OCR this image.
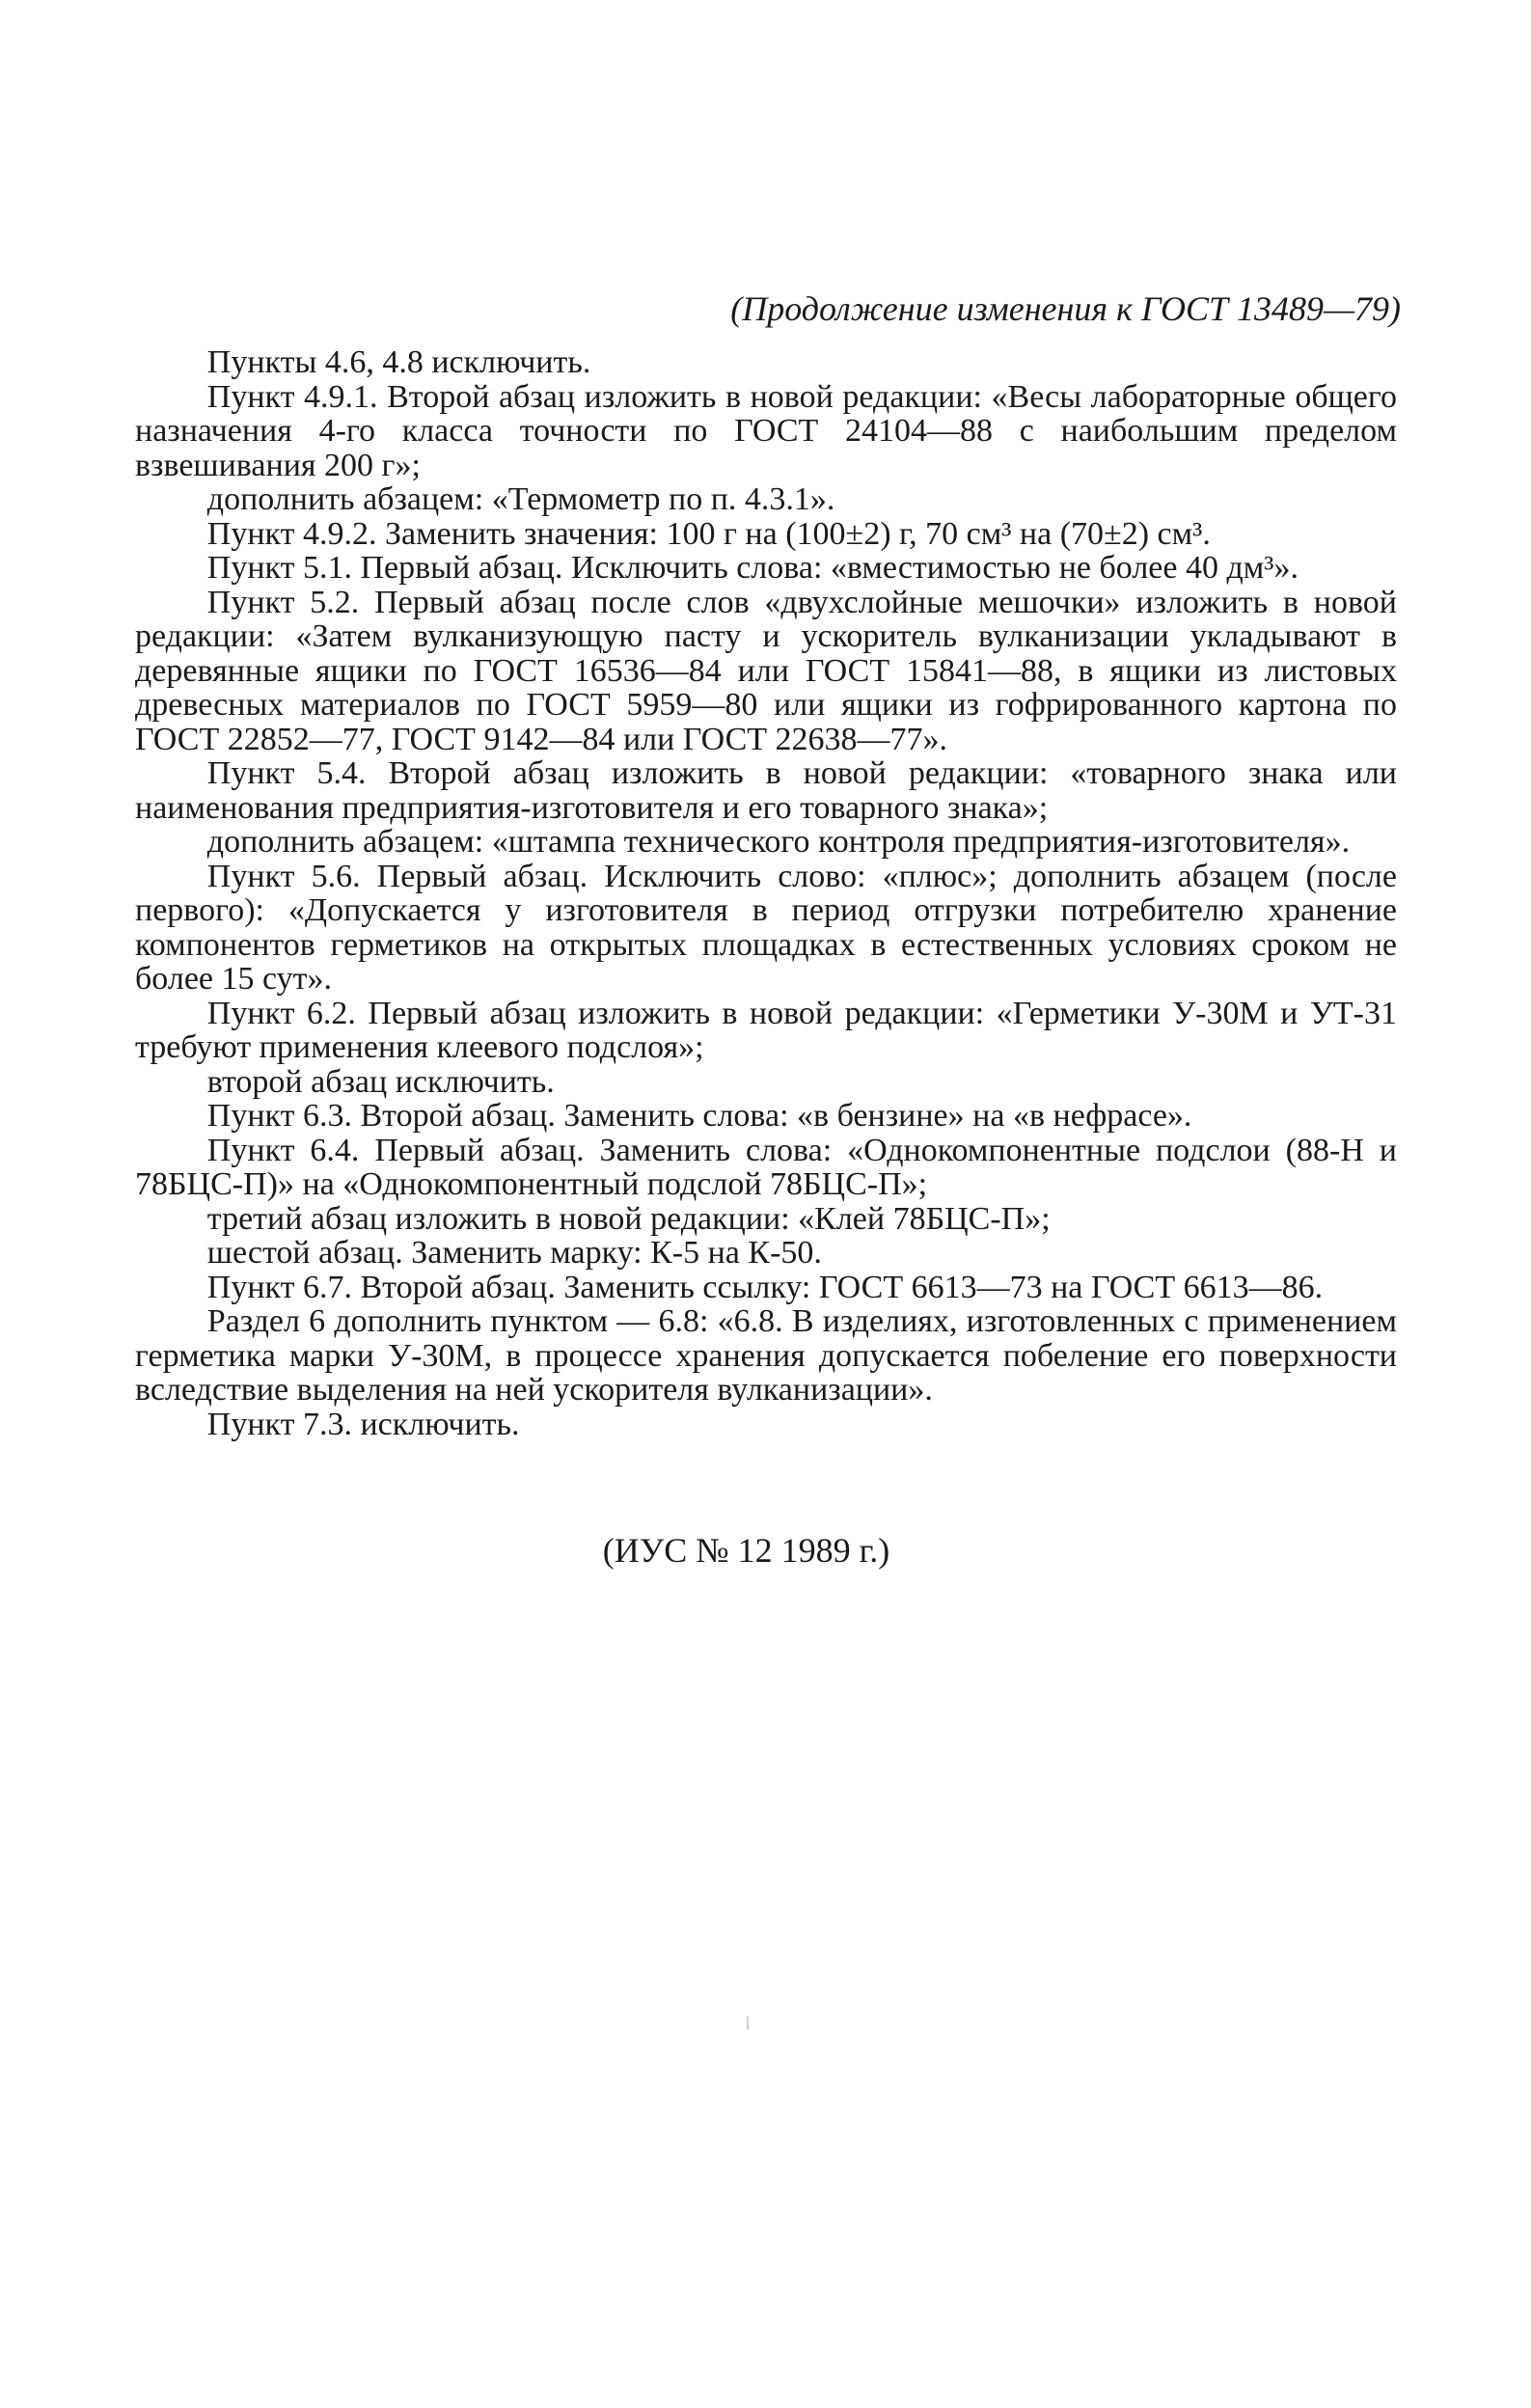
(Продолжение изменения к ГОСТ 13489—79)

Пункты 4.6, 4.8 исключить.

Пункт 4.9.1. Второй абзац изложить в новой редакции: «Весы лабораторные общего назначения 4-го класса точности по ГОСТ 24104—88 с наибольшим пределом взвешивания 200 г»;

дополнить абзацем: «Термометр по п. 4.3.1».

Пункт 4.9.2. Заменить значения: 100 г на (100±2) г, 70 см³ на (70±2) см³.

Пункт 5.1. Первый абзац. Исключить слова: «вместимостью не более 40 дм³».

Пункт 5.2. Первый абзац после слов «двухслойные мешочки» изложить в новой редакции: «Затем вулканизующую пасту и ускоритель вулканизации укладывают в деревянные ящики по ГОСТ 16536—84 или ГОСТ 15841—88, в ящики из листовых древесных материалов по ГОСТ 5959—80 или ящики из гофрированного картона по ГОСТ 22852—77, ГОСТ 9142—84 или ГОСТ 22638—77».

Пункт 5.4. Второй абзац изложить в новой редакции: «товарного знака или наименования предприятия-изготовителя и его товарного знака»;

дополнить абзацем: «штампа технического контроля предприятия-изготовителя».

Пункт 5.6. Первый абзац. Исключить слово: «плюс»; дополнить абзацем (после первого): «Допускается у изготовителя в период отгрузки потребителю хранение компонентов герметиков на открытых площадках в естественных условиях сроком не более 15 сут».

Пункт 6.2. Первый абзац изложить в новой редакции: «Герметики У-30М и УТ-31 требуют применения клеевого подслоя»;

второй абзац исключить.

Пункт 6.3. Второй абзац. Заменить слова: «в бензине» на «в нефрасе».

Пункт 6.4. Первый абзац. Заменить слова: «Однокомпонентные подслои (88-Н и 78БЦС-П)» на «Однокомпонентный подслой 78БЦС-П»;

третий абзац изложить в новой редакции: «Клей 78БЦС-П»;

шестой абзац. Заменить марку: К-5 на К-50.

Пункт 6.7. Второй абзац. Заменить ссылку: ГОСТ 6613—73 на ГОСТ 6613—86.

Раздел 6 дополнить пунктом — 6.8: «6.8. В изделиях, изготовленных с применением герметика марки У-30М, в процессе хранения допускается побеление его поверхности вследствие выделения на ней ускорителя вулканизации».

Пункт 7.3. исключить.

(ИУС № 12 1989 г.)
